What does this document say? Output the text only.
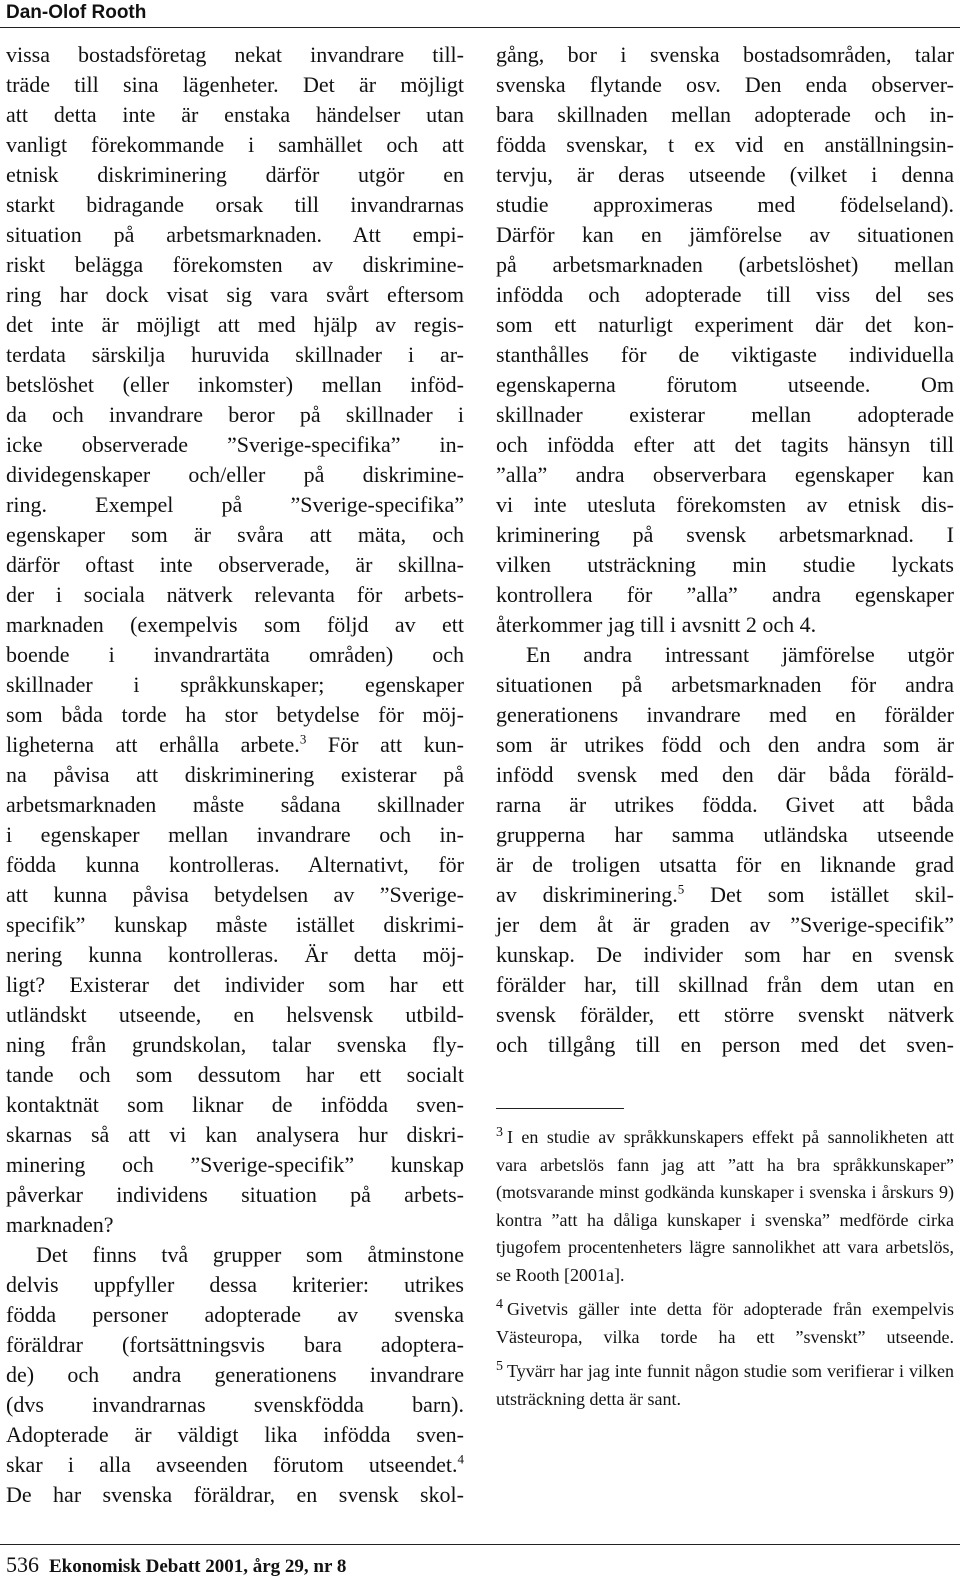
Dan-Olof Rooth

vissa bostadsföretag nekat invandrare till-
träde till sina lägenheter. Det är möjligt
att detta inte är enstaka händelser utan
vanligt förekommande i samhället och att
etnisk diskriminering därför utgör en
starkt bidragande orsak till invandrarnas
situation på arbetsmarknaden. Att empi-
riskt belägga förekomsten av diskrimine-
ring har dock visat sig vara svårt eftersom
det inte är möjligt att med hjälp av regis-
terdata särskilja huruvida skillnader i ar-
betslöshet (eller inkomster) mellan inföd-
da och invandrare beror på skillnader i
icke observerade ”Sverige-specifika” in-
dividegenskaper och/eller på diskrimine-
ring. Exempel på ”Sverige-specifika”
egenskaper som är svåra att mäta, och
därför oftast inte observerade, är skillna-
der i sociala nätverk relevanta för arbets-
marknaden (exempelvis som följd av ett
boende i invandrartäta områden) och
skillnader i språkkunskaper; egenskaper
som båda torde ha stor betydelse för möj-
ligheterna att erhålla arbete.$^3$ För att kun-
na påvisa att diskriminering existerar på
arbetsmarknaden måste sådana skillnader
i egenskaper mellan invandrare och in-
födda kunna kontrolleras. Alternativt, för
att kunna påvisa betydelsen av ”Sverige-
specifik” kunskap måste istället diskrimi-
nering kunna kontrolleras. Är detta möj-
ligt? Existerar det individer som har ett
utländskt utseende, en helsvensk utbild-
ning från grundskolan, talar svenska fly-
tande och som dessutom har ett socialt
kontaktnät som liknar de infödda sven-
skarnas så att vi kan analysera hur diskri-
minering och ”Sverige-specifik” kunskap
påverkar individens situation på arbets-

marknaden?

Det finns två grupper som åtminstone
delvis uppfyller dessa kriterier: utrikes
födda personer adopterade av svenska
föräldrar (fortsättningsvis bara adoptera-
de) och andra generationens invandrare
(dvs invandrarnas svenskfödda barn).
Adopterade är väldigt lika infödda sven-
skar i alla avseenden förutom utseendet.$^4$

De har svenska föräldrar, en svensk skol-

gång, bor i svenska bostadsområden, talar
svenska flytande osv. Den enda observer-
bara skillnaden mellan adopterade och in-
födda svenskar, t ex vid en anställningsin-
tervju, är deras utseende (vilket i denna
studie approximeras med födelseland).
Därför kan en jämförelse av situationen
på arbetsmarknaden (arbetslöshet) mellan
infödda och adopterade till viss del ses
som ett naturligt experiment där det kon-
stanthålles för de viktigaste individuella
egenskaperna förutom utseende. Om
skillnader existerar mellan adopterade
och infödda efter att det tagits hänsyn till
”alla” andra observerbara egenskaper kan
vi inte utesluta förekomsten av etnisk dis-
kriminering på svensk arbetsmarknad. I
vilken utsträckning min studie lyckats
kontrollera för ”alla” andra egenskaper

återkommer jag till i avsnitt 2 och 4.

En andra intressant jämförelse utgör
situationen på arbetsmarknaden för andra
generationens invandrare med en förälder
som är utrikes född och den andra som är
infödd svensk med den där båda föräld-
rarna är utrikes födda. Givet att båda
grupperna har samma utländska utseende
är de troligen utsatta för en liknande grad
av diskriminering.$^5$ Det som istället skil-
jer dem åt är graden av ”Sverige-specifik”
kunskap. De individer som har en svensk
förälder har, till skillnad från dem utan en
svensk förälder, ett större svenskt nätverk
och tillgång till en person med det sven-

$^3$ I en studie av språkkunskapers effekt på sannolikheten att vara arbetslös fann jag att ”att ha bra språkkunskaper” (motsvarande minst godkända kunskaper i svenska i årskurs 9) kontra ”att ha dåliga kunskaper i svenska” medförde cirka tjugofem procentenheters lägre sannolikhet att vara arbetslös, se Rooth [2001a].

$^4$ Givetvis gäller inte detta för adopterade från exempelvis Västeuropa, vilka torde ha ett ”svenskt” utseende.

$^5$ Tyvärr har jag inte funnit någon studie som verifierar i vilken utsträckning detta är sant.

536 Ekonomisk Debatt 2001, årg 29, nr 8
